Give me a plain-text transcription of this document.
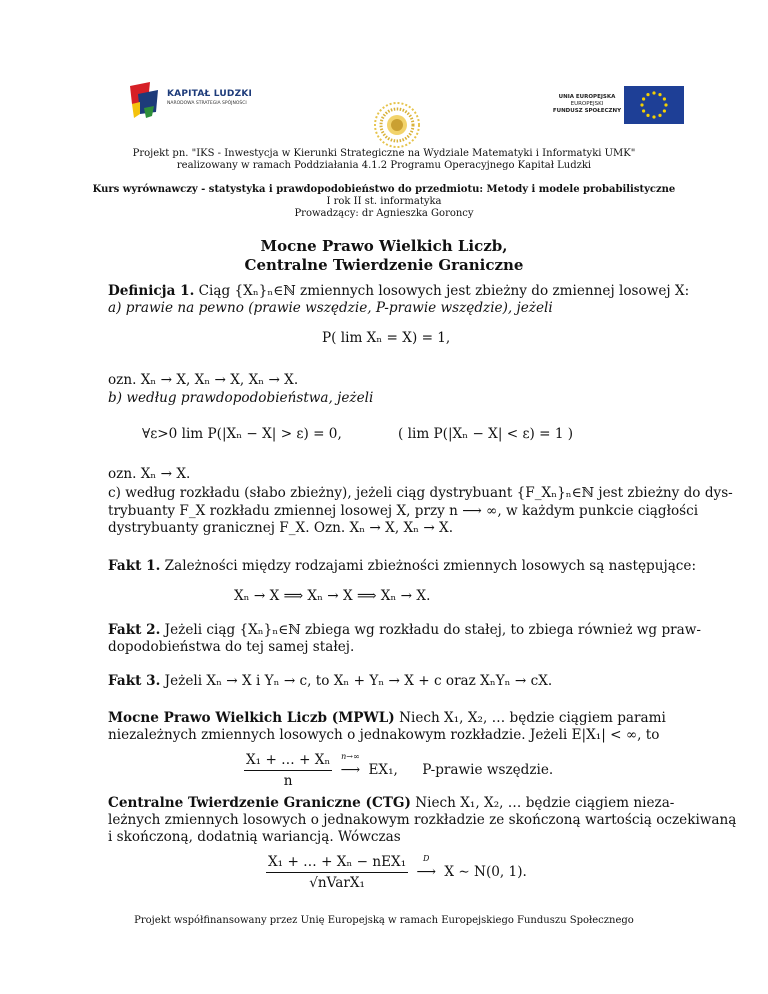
KAPITAŁ LUDZKI
NARODOWA STRATEGIA SPÓJNOŚCI
UNIA EUROPEJSKA
EUROPEJSKI
FUNDUSZ SPOŁECZNY
Projekt pn. "IKS - Inwestycja w Kierunki Strategiczne na Wydziale Matematyki i Informatyki UMK"
realizowany w ramach Poddziałania 4.1.2 Programu Operacyjnego Kapitał Ludzki
Kurs wyrównawczy - statystyka i prawdopodobieństwo do przedmiotu: Metody i modele probabilistyczne
I rok II st. informatyka
Prowadzący: dr Agnieszka Goroncy
Mocne Prawo Wielkich Liczb,
Centralne Twierdzenie Graniczne
Definicja 1. Ciąg {Xₙ}ₙ∈ℕ zmiennych losowych jest zbieżny do zmiennej losowej X:
a) prawie na pewno (prawie wszędzie, P-prawie wszędzie), jeżeli
P( lim Xₙ = X) = 1,
ozn. Xₙ → X, Xₙ → X, Xₙ → X.
b) według prawdopodobieństwa, jeżeli
∀ε>0 lim P(|Xₙ − X| > ε) = 0,	( lim P(|Xₙ − X| < ε) = 1 )
ozn. Xₙ → X.
c) według rozkładu (słabo zbieżny), jeżeli ciąg dystrybuant {F_Xₙ}ₙ∈ℕ jest zbieżny do dys-
trybuanty F_X rozkładu zmiennej losowej X, przy n ⟶ ∞, w każdym punkcie ciągłości
dystrybuanty granicznej F_X. Ozn. Xₙ → X, Xₙ → X.
Fakt 1. Zależności między rodzajami zbieżności zmiennych losowych są następujące:
Xₙ → X ⟹ Xₙ → X ⟹ Xₙ → X.
Fakt 2. Jeżeli ciąg {Xₙ}ₙ∈ℕ zbiega wg rozkładu do stałej, to zbiega również wg praw-
dopodobieństwa do tej samej stałej.
Fakt 3. Jeżeli Xₙ → X i Yₙ → c, to Xₙ + Yₙ → X + c oraz XₙYₙ → cX.
Mocne Prawo Wielkich Liczb (MPWL) Niech X₁, X₂, … będzie ciągiem parami
niezależnych zmiennych losowych o jednakowym rozkładzie. Jeżeli E|X₁| < ∞, to
$\frac{\text{X₁ + … + Xₙ}}{n}$
n→∞
⟶ EX₁, P-prawie wszędzie.
Centralne Twierdzenie Graniczne (CTG) Niech X₁, X₂, … będzie ciągiem nieza-
leżnych zmiennych losowych o jednakowym rozkładzie ze skończoną wartością oczekiwaną
i skończoną, dodatnią wariancją. Wówczas
$\frac{\text{X₁ + … + Xₙ − nEX₁}}{\text{√nVarX₁}}$
	D
⟶ X ∼ N(0, 1).
Projekt współfinansowany przez Unię Europejską w ramach Europejskiego Funduszu Społecznego
